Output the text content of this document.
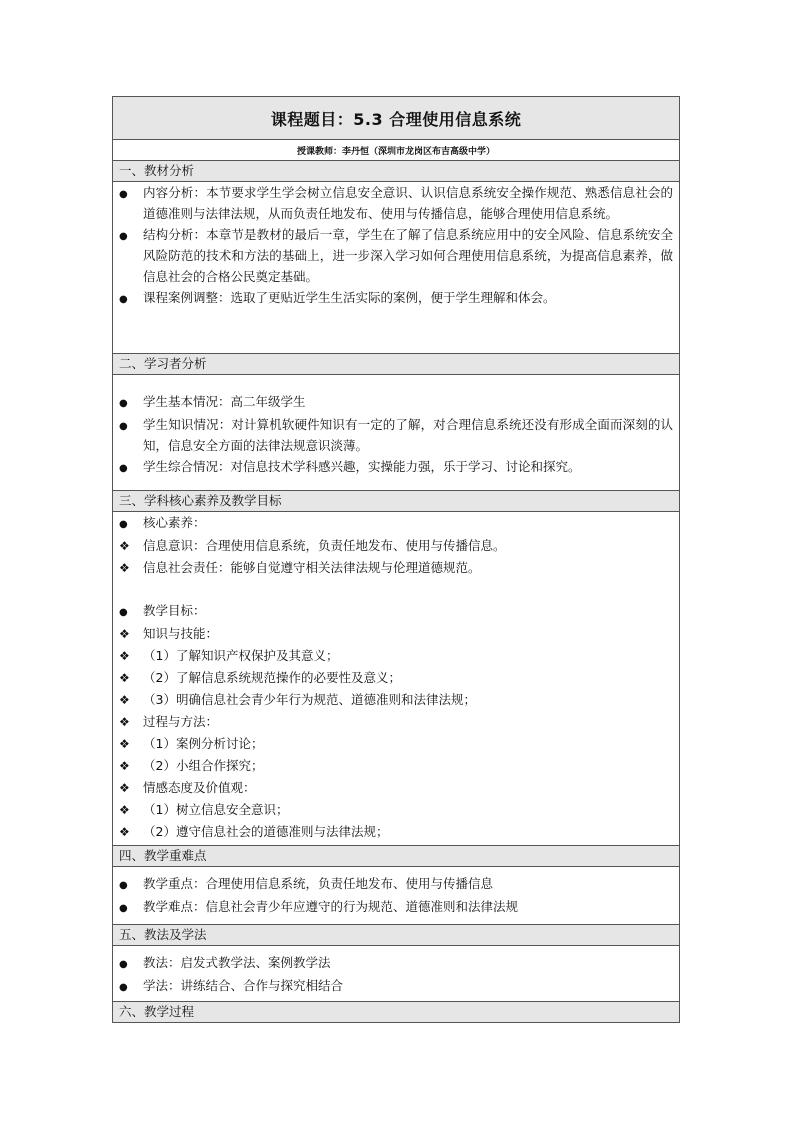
课程题目：5.3 合理使用信息系统
授课教师：李丹恒（深圳市龙岗区布吉高级中学）
一、教材分析
●
内容分析：本节要求学生学会树立信息安全意识、认识信息系统安全操作规范、熟悉信息社会的道德准则与法律法规，从而负责任地发布、使用与传播信息，能够合理使用信息系统。
●
结构分析：本章节是教材的最后一章，学生在了解了信息系统应用中的安全风险、信息系统安全风险防范的技术和方法的基础上，进一步深入学习如何合理使用信息系统，为提高信息素养，做信息社会的合格公民奠定基础。
●
课程案例调整：选取了更贴近学生生活实际的案例，便于学生理解和体会。
二、学习者分析
●
学生基本情况：高二年级学生
●
学生知识情况：对计算机软硬件知识有一定的了解，对合理信息系统还没有形成全面而深刻的认知，信息安全方面的法律法规意识淡薄。
●
学生综合情况：对信息技术学科感兴趣，实操能力强，乐于学习、讨论和探究。
三、学科核心素养及教学目标
●
核心素养：
❖
信息意识：合理使用信息系统，负责任地发布、使用与传播信息。
❖
信息社会责任：能够自觉遵守相关法律法规与伦理道德规范。
●
教学目标：
❖
知识与技能：
❖
（1）了解知识产权保护及其意义；
❖
（2）了解信息系统规范操作的必要性及意义；
❖
（3）明确信息社会青少年行为规范、道德准则和法律法规；
❖
过程与方法：
❖
（1）案例分析讨论；
❖
（2）小组合作探究；
❖
情感态度及价值观：
❖
（1）树立信息安全意识；
❖
（2）遵守信息社会的道德准则与法律法规；
❖
四、教学重难点
●
教学重点：合理使用信息系统，负责任地发布、使用与传播信息
●
教学难点：信息社会青少年应遵守的行为规范、道德准则和法律法规
五、教法及学法
●
教法：启发式教学法、案例教学法
●
学法：讲练结合、合作与探究相结合
六、教学过程
